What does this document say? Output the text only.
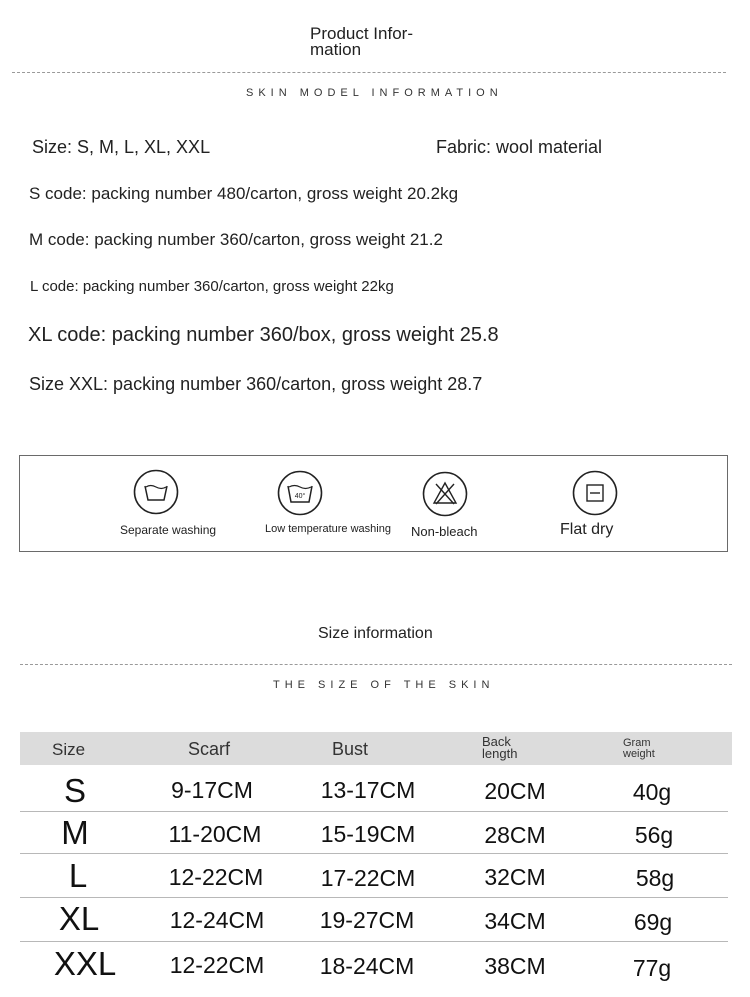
Product Infor-
mation
SKIN MODEL INFORMATION
Size: S, M, L, XL, XXL	Fabric: wool material
S code: packing number 480/carton, gross weight 20.2kg
M code: packing number 360/carton, gross weight 21.2
L code: packing number 360/carton, gross weight 22kg
XL code: packing number 360/box, gross weight 25.8
Size XXL: packing number 360/carton, gross weight 28.7
Separate washing
40°
Low temperature washing Non-bleach	Flat dry
Size information
THE SIZE OF THE SKIN
Size	Scarf	Bust	Back
length
Gram
weight
S	9-17CM	13-17CM	20CM	40g
M	11-20CM	15-19CM	28CM	56g
L	12-22CM 17-22CM	32CM	58g
XL	12-24CM 19-27CM	34CM	69g
XXL 12-22CM 18-24CM	38CM	77g
